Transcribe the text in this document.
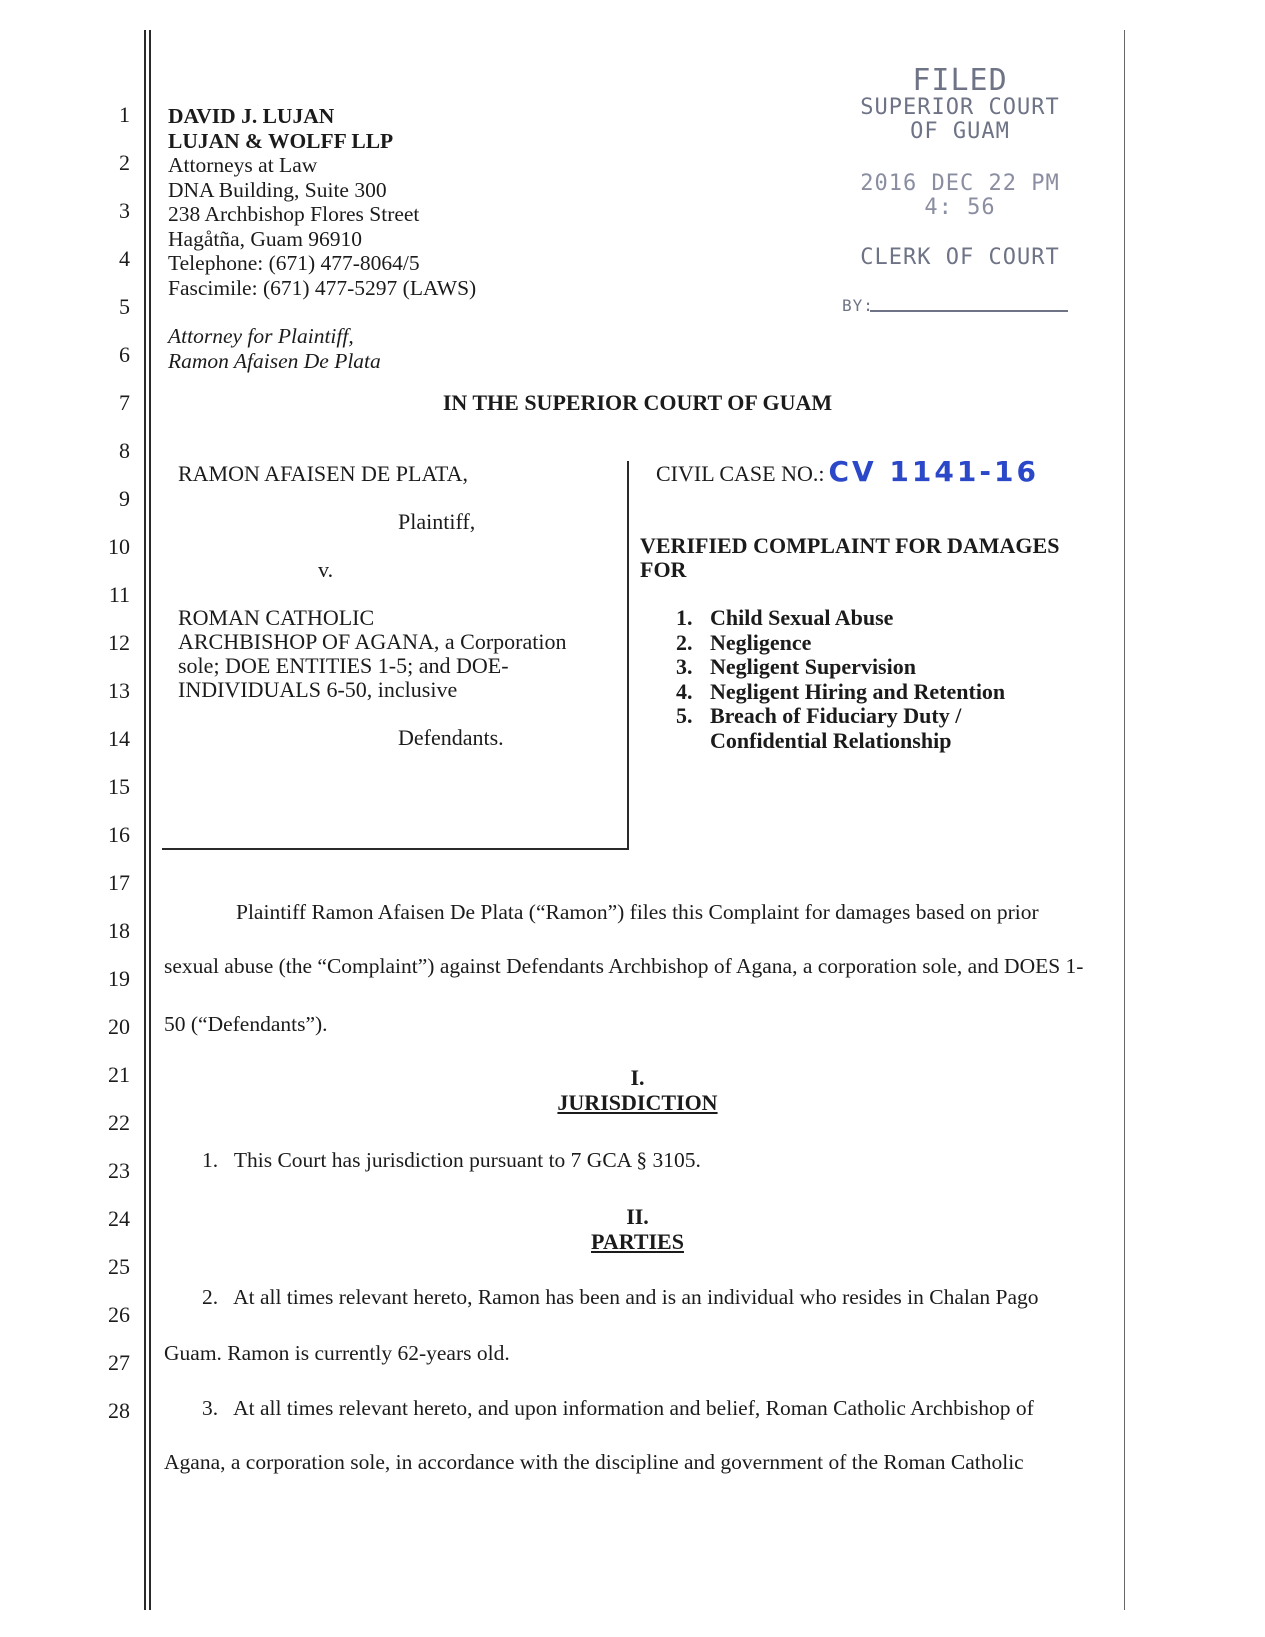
1
2
3
4
5
6
7
8
9
10
11
12
13
14
15
16
17
18
19
20
21
22
23
24
25
26
27
28
DAVID J. LUJAN
LUJAN & WOLFF LLP
Attorneys at Law
DNA Building, Suite 300
238 Archbishop Flores Street
Hagåtña, Guam 96910
Telephone: (671) 477-8064/5
Fascimile: (671) 477-5297 (LAWS)
Attorney for Plaintiff,
Ramon Afaisen De Plata
FILED
SUPERIOR COURT
OF GUAM
2016 DEC 22 PM 4: 56
CLERK OF COURT
BY:
IN THE SUPERIOR COURT OF GUAM
RAMON AFAISEN DE PLATA,
Plaintiff,
v.
ROMAN CATHOLIC
ARCHBISHOP OF AGANA, a Corporation
sole; DOE ENTITIES 1-5; and DOE-
INDIVIDUALS 6-50, inclusive
Defendants.
CIVIL CASE NO.: CV 1141-16
VERIFIED COMPLAINT FOR DAMAGES
FOR
1. Child Sexual Abuse
2. Negligence
3. Negligent Supervision
4. Negligent Hiring and Retention
5. Breach of Fiduciary Duty /
Confidential Relationship
Plaintiff Ramon Afaisen De Plata (“Ramon”) files this Complaint for damages based on prior
sexual abuse (the “Complaint”) against Defendants Archbishop of Agana, a corporation sole, and DOES 1-
50 (“Defendants”).
I.
JURISDICTION
1.   This Court has jurisdiction pursuant to 7 GCA § 3105.
II.
PARTIES
2.   At all times relevant hereto, Ramon has been and is an individual who resides in Chalan Pago
Guam. Ramon is currently 62-years old.
3.   At all times relevant hereto, and upon information and belief, Roman Catholic Archbishop of
Agana, a corporation sole, in accordance with the discipline and government of the Roman Catholic
